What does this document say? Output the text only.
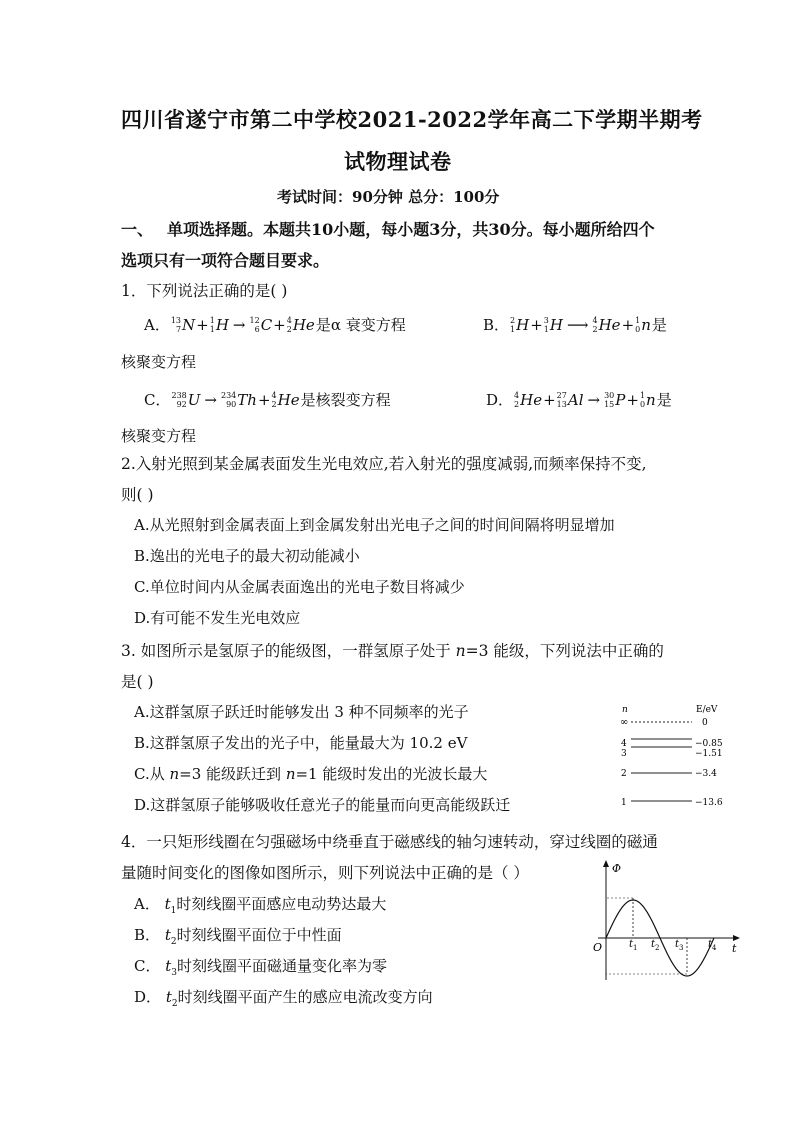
四川省遂宁市第二中学校2021-2022学年高二下学期半期考
试物理试卷
考试时间：90分钟 总分：100分
一、 单项选择题。本题共10小题，每小题3分，共30分。每小题所给四个
选项只有一项符合题目要求。
1．下列说法正确的是( )
A． 13
7 N + 1
1 H → 12
6 C + 4
2 He 是α 衰变方程	B． 2
1 H + 3
1 H ⟶ 4
2 He + 1
0 n 是
核聚变方程
C． 238
92 U → 234
90 Th + 4
2 He 是核裂变方程	D． 4
2 He + 27
13 Al → 30
15 P + 1
0 n 是
核聚变方程
2.入射光照到某金属表面发生光电效应,若入射光的强度减弱,而频率保持不变,
则( )
A.从光照射到金属表面上到金属发射出光电子之间的时间间隔将明显增加
B.逸出的光电子的最大初动能减小
C.单位时间内从金属表面逸出的光电子数目将减少
D.有可能不发生光电效应
3. 如图所示是氢原子的能级图，一群氢原子处于 n=3 能级，下列说法中正确的
是( )
A.这群氢原子跃迁时能够发出 3 种不同频率的光子
B.这群氢原子发出的光子中，能量最大为 10.2 eV
C.从 n=3 能级跃迁到 n=1 能级时发出的光波长最大
D.这群氢原子能够吸收任意光子的能量而向更高能级跃迁
n	E/eV
∞	0
4	−0.85
3	−1.51
2	−3.4
1	−13.6
4．一只矩形线圈在匀强磁场中绕垂直于磁感线的轴匀速转动，穿过线圈的磁通
量随时间变化的图像如图所示，则下列说法中正确的是（ ）
A． $t_1$时刻线圈平面感应电动势达最大
B． $t_2$时刻线圈平面位于中性面
C． $t_3$时刻线圈平面磁通量变化率为零
D． $t_2$时刻线圈平面产生的感应电流改变方向
Φ
t
O	t 1 t 2 t 3 t 4
